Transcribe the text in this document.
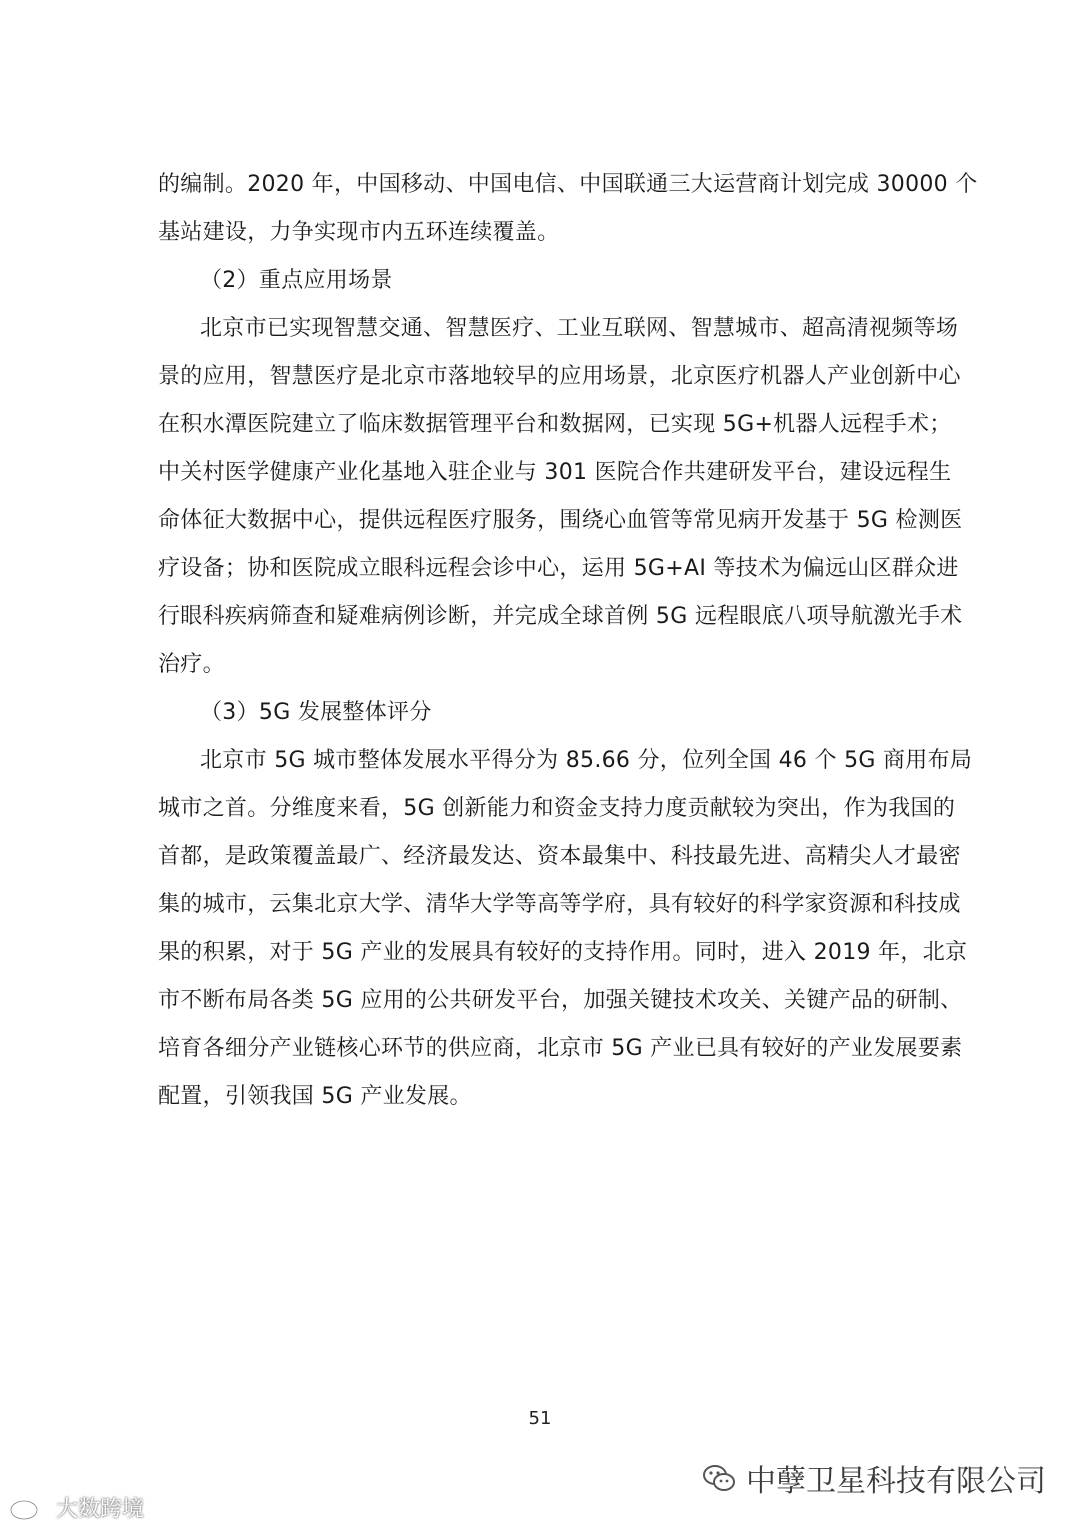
的编制。2020 年，中国移动、中国电信、中国联通三大运营商计划完成 30000 个
基站建设，力争实现市内五环连续覆盖。
（2）重点应用场景
北京市已实现智慧交通、智慧医疗、工业互联网、智慧城市、超高清视频等场
景的应用，智慧医疗是北京市落地较早的应用场景，北京医疗机器人产业创新中心
在积水潭医院建立了临床数据管理平台和数据网，已实现 5G+机器人远程手术；
中关村医学健康产业化基地入驻企业与 301 医院合作共建研发平台，建设远程生
命体征大数据中心，提供远程医疗服务，围绕心血管等常见病开发基于 5G 检测医
疗设备；协和医院成立眼科远程会诊中心，运用 5G+AI 等技术为偏远山区群众进
行眼科疾病筛查和疑难病例诊断，并完成全球首例 5G 远程眼底八项导航激光手术
治疗。
（3）5G 发展整体评分
北京市 5G 城市整体发展水平得分为 85.66 分，位列全国 46 个 5G 商用布局
城市之首。分维度来看，5G 创新能力和资金支持力度贡献较为突出，作为我国的
首都，是政策覆盖最广、经济最发达、资本最集中、科技最先进、高精尖人才最密
集的城市，云集北京大学、清华大学等高等学府，具有较好的科学家资源和科技成
果的积累，对于 5G 产业的发展具有较好的支持作用。同时，进入 2019 年，北京
市不断布局各类 5G 应用的公共研发平台，加强关键技术攻关、关键产品的研制、
培育各细分产业链核心环节的供应商，北京市 5G 产业已具有较好的产业发展要素
配置，引领我国 5G 产业发展。
51
中孽卫星科技有限公司
大数跨境
